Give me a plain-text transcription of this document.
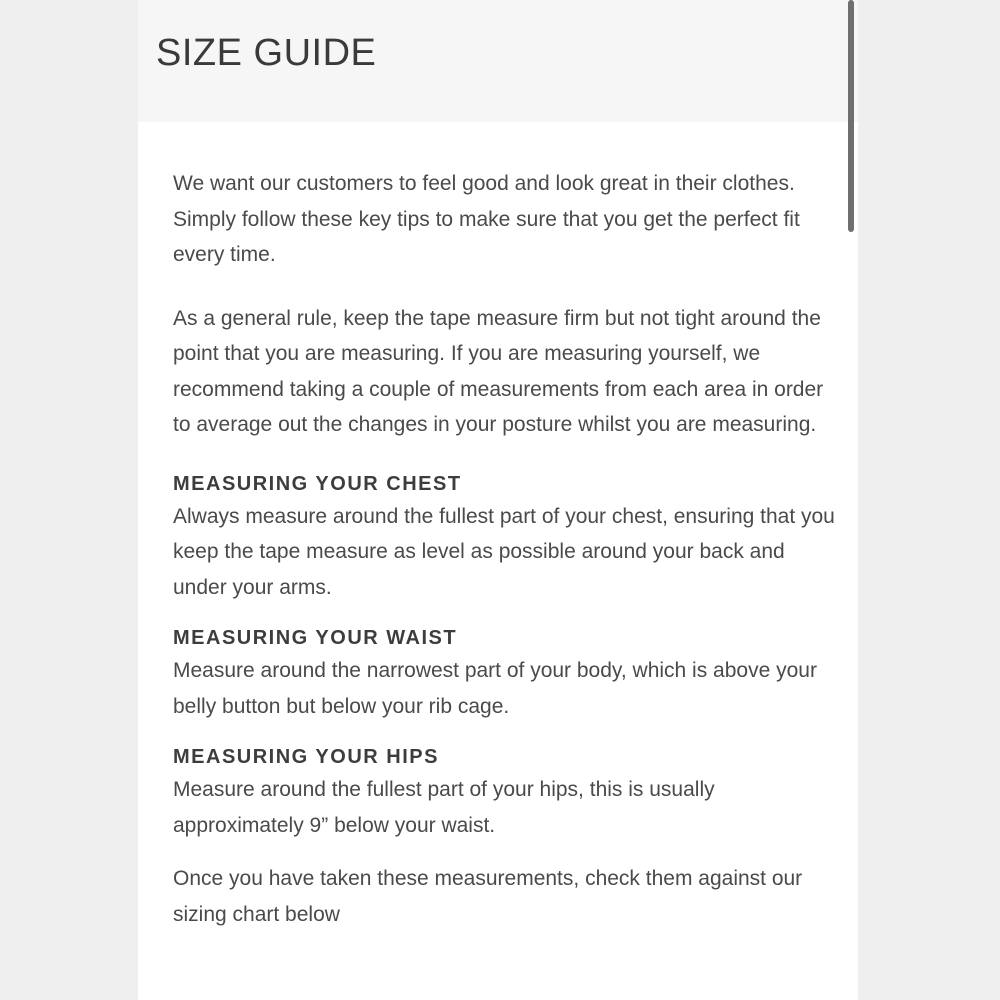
SIZE GUIDE

We want our customers to feel good and look great in their clothes. Simply follow these key tips to make sure that you get the perfect fit every time.

As a general rule, keep the tape measure firm but not tight around the point that you are measuring. If you are measuring yourself, we recommend taking a couple of measurements from each area in order to average out the changes in your posture whilst you are measuring.

MEASURING YOUR CHEST

Always measure around the fullest part of your chest, ensuring that you keep the tape measure as level as possible around your back and under your arms.

MEASURING YOUR WAIST

Measure around the narrowest part of your body, which is above your belly button but below your rib cage.

MEASURING YOUR HIPS

Measure around the fullest part of your hips, this is usually approximately 9” below your waist.

Once you have taken these measurements, check them against our sizing chart below
